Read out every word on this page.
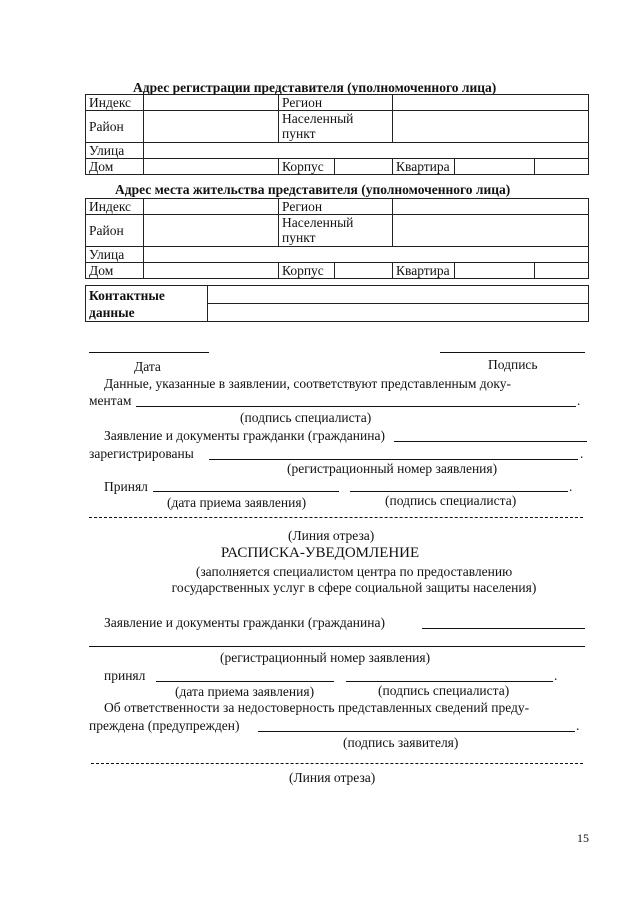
Адрес регистрации представителя (уполномоченного лица)
Индекс		Регион				
Район		Населенный
пункт				
Улица						
Дом		Корпус		Квартира		
Адрес места жительства представителя (уполномоченного лица)
Индекс		Регион				
Район		Населенный
пункт				
Улица						
Дом		Корпус		Квартира		
Контактные
данные	

Дата	Подпись
Данные, указанные в заявлении, соответствуют представленным доку-
ментам	.
(подпись специалиста)
Заявление и документы гражданки (гражданина)
зарегистрированы	.
(регистрационный номер заявления)
Принял	.
(дата приема заявления)	(подпись специалиста)
(Линия отреза)
РАСПИСКА-УВЕДОМЛЕНИЕ
(заполняется специалистом центра по предоставлению
государственных услуг в сфере социальной защиты населения)
Заявление и документы гражданки (гражданина)
(регистрационный номер заявления)
принял	.
(дата приема заявления)	(подпись специалиста)
Об ответственности за недостоверность представленных сведений преду-
преждена (предупрежден)	.
(подпись заявителя)
(Линия отреза)
15
